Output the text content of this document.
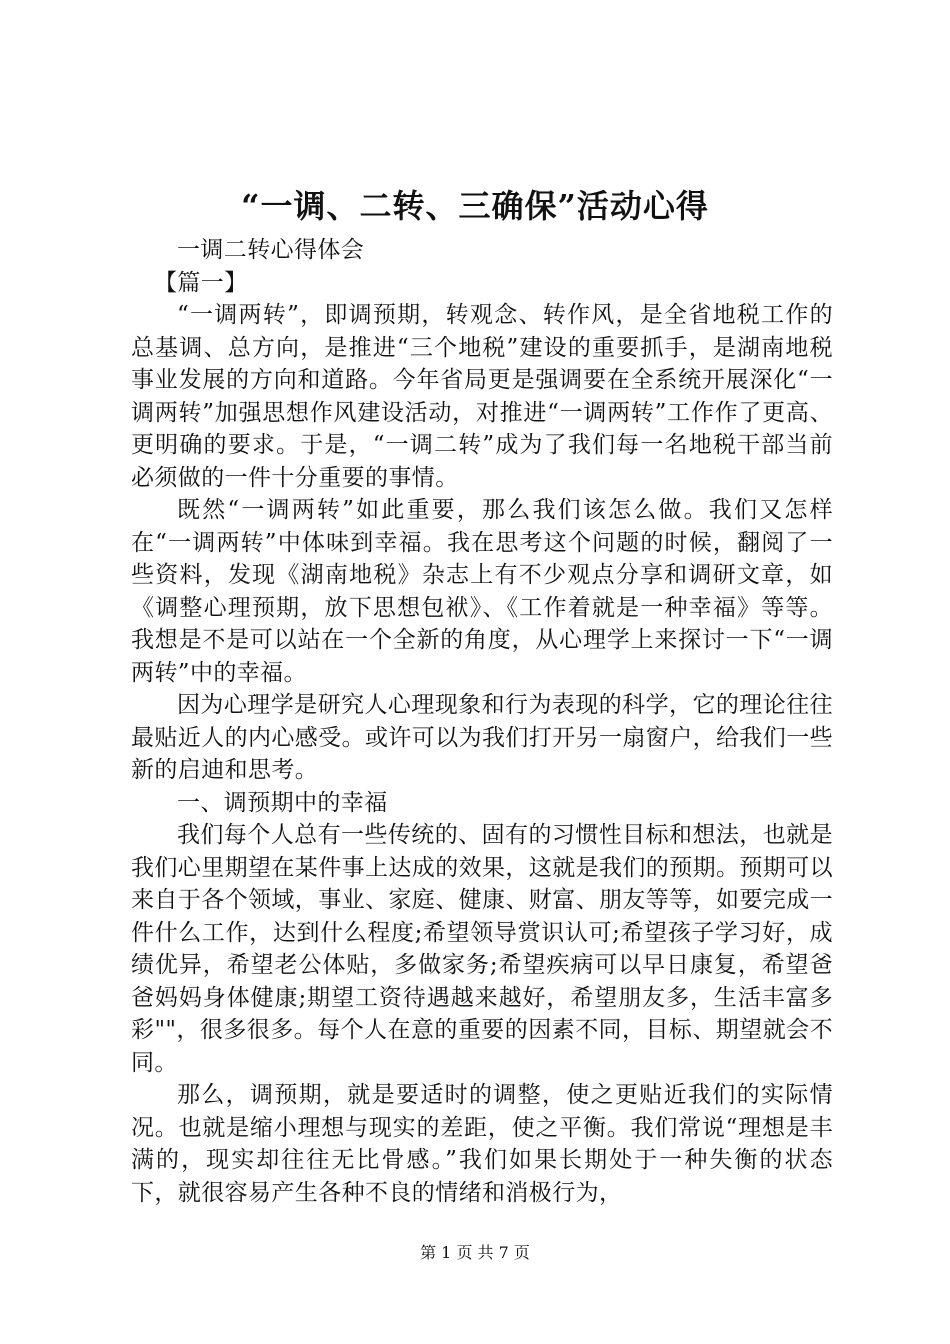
“一调、二转、三确保”活动心得

一调二转心得体会

【篇一】

“一调两转”，即调预期，转观念、转作风，是全省地税工作的总基调、总方向，是推进“三个地税”建设的重要抓手，是湖南地税事业发展的方向和道路。今年省局更是强调要在全系统开展深化“一调两转”加强思想作风建设活动，对推进“一调两转”工作作了更高、更明确的要求。于是，“一调二转”成为了我们每一名地税干部当前必须做的一件十分重要的事情。

既然“一调两转”如此重要，那么我们该怎么做。我们又怎样在“一调两转”中体味到幸福。我在思考这个问题的时候，翻阅了一些资料，发现《湖南地税》杂志上有不少观点分享和调研文章，如《调整心理预期，放下思想包袱》、《工作着就是一种幸福》等等。我想是不是可以站在一个全新的角度，从心理学上来探讨一下“一调两转”中的幸福。

因为心理学是研究人心理现象和行为表现的科学，它的理论往往最贴近人的内心感受。或许可以为我们打开另一扇窗户，给我们一些新的启迪和思考。

一、调预期中的幸福

我们每个人总有一些传统的、固有的习惯性目标和想法，也就是我们心里期望在某件事上达成的效果，这就是我们的预期。预期可以来自于各个领域，事业、家庭、健康、财富、朋友等等，如要完成一件什么工作，达到什么程度;希望领导赏识认可;希望孩子学习好，成绩优异，希望老公体贴，多做家务;希望疾病可以早日康复，希望爸爸妈妈身体健康;期望工资待遇越来越好，希望朋友多，生活丰富多彩""，很多很多。每个人在意的重要的因素不同，目标、期望就会不同。

那么，调预期，就是要适时的调整，使之更贴近我们的实际情况。也就是缩小理想与现实的差距，使之平衡。我们常说“理想是丰满的，现实却往往无比骨感。”我们如果长期处于一种失衡的状态下，就很容易产生各种不良的情绪和消极行为，

第 1 页 共 7 页
